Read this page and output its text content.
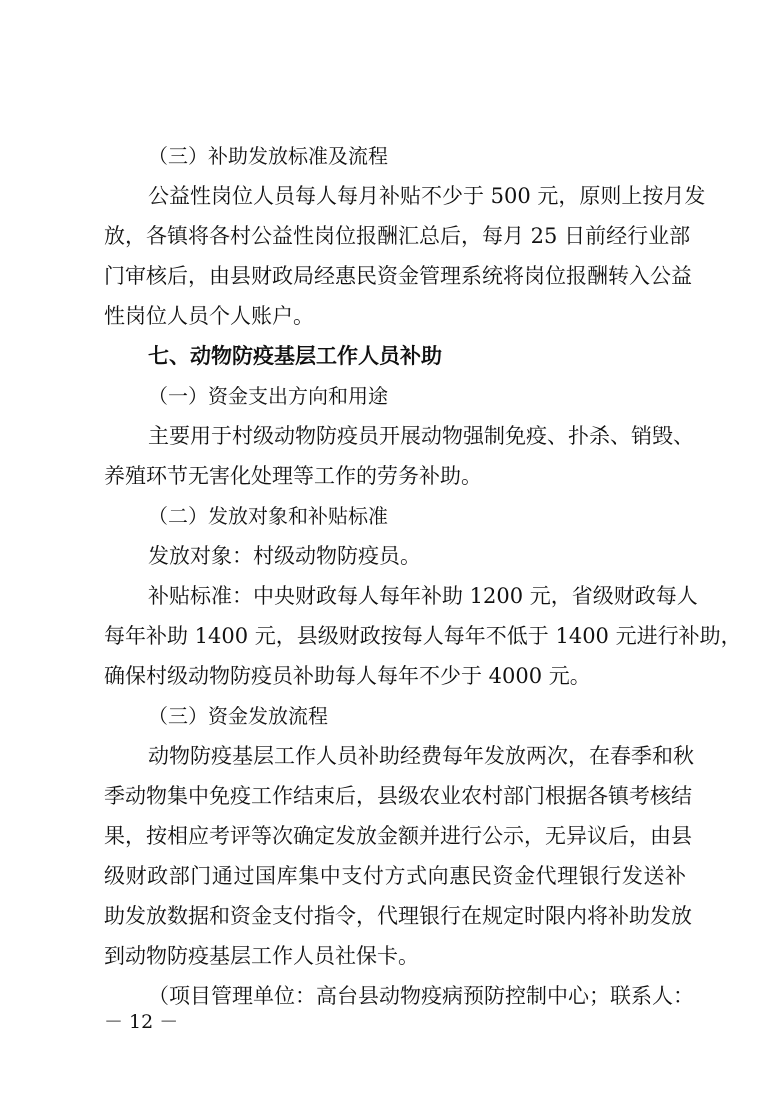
（三）补助发放标准及流程
公益性岗位人员每人每月补贴不少于 500 元，原则上按月发
放，各镇将各村公益性岗位报酬汇总后，每月 25 日前经行业部
门审核后，由县财政局经惠民资金管理系统将岗位报酬转入公益
性岗位人员个人账户。
七、动物防疫基层工作人员补助
（一）资金支出方向和用途
主要用于村级动物防疫员开展动物强制免疫、扑杀、销毁、
养殖环节无害化处理等工作的劳务补助。
（二）发放对象和补贴标准
发放对象：村级动物防疫员。
补贴标准：中央财政每人每年补助 1200 元，省级财政每人
每年补助 1400 元，县级财政按每人每年不低于 1400 元进行补助，
确保村级动物防疫员补助每人每年不少于 4000 元。
（三）资金发放流程
动物防疫基层工作人员补助经费每年发放两次，在春季和秋
季动物集中免疫工作结束后，县级农业农村部门根据各镇考核结
果，按相应考评等次确定发放金额并进行公示，无异议后，由县
级财政部门通过国库集中支付方式向惠民资金代理银行发送补
助发放数据和资金支付指令，代理银行在规定时限内将补助发放
到动物防疫基层工作人员社保卡。
（项目管理单位：高台县动物疫病预防控制中心；联系人：
－ 12 －
